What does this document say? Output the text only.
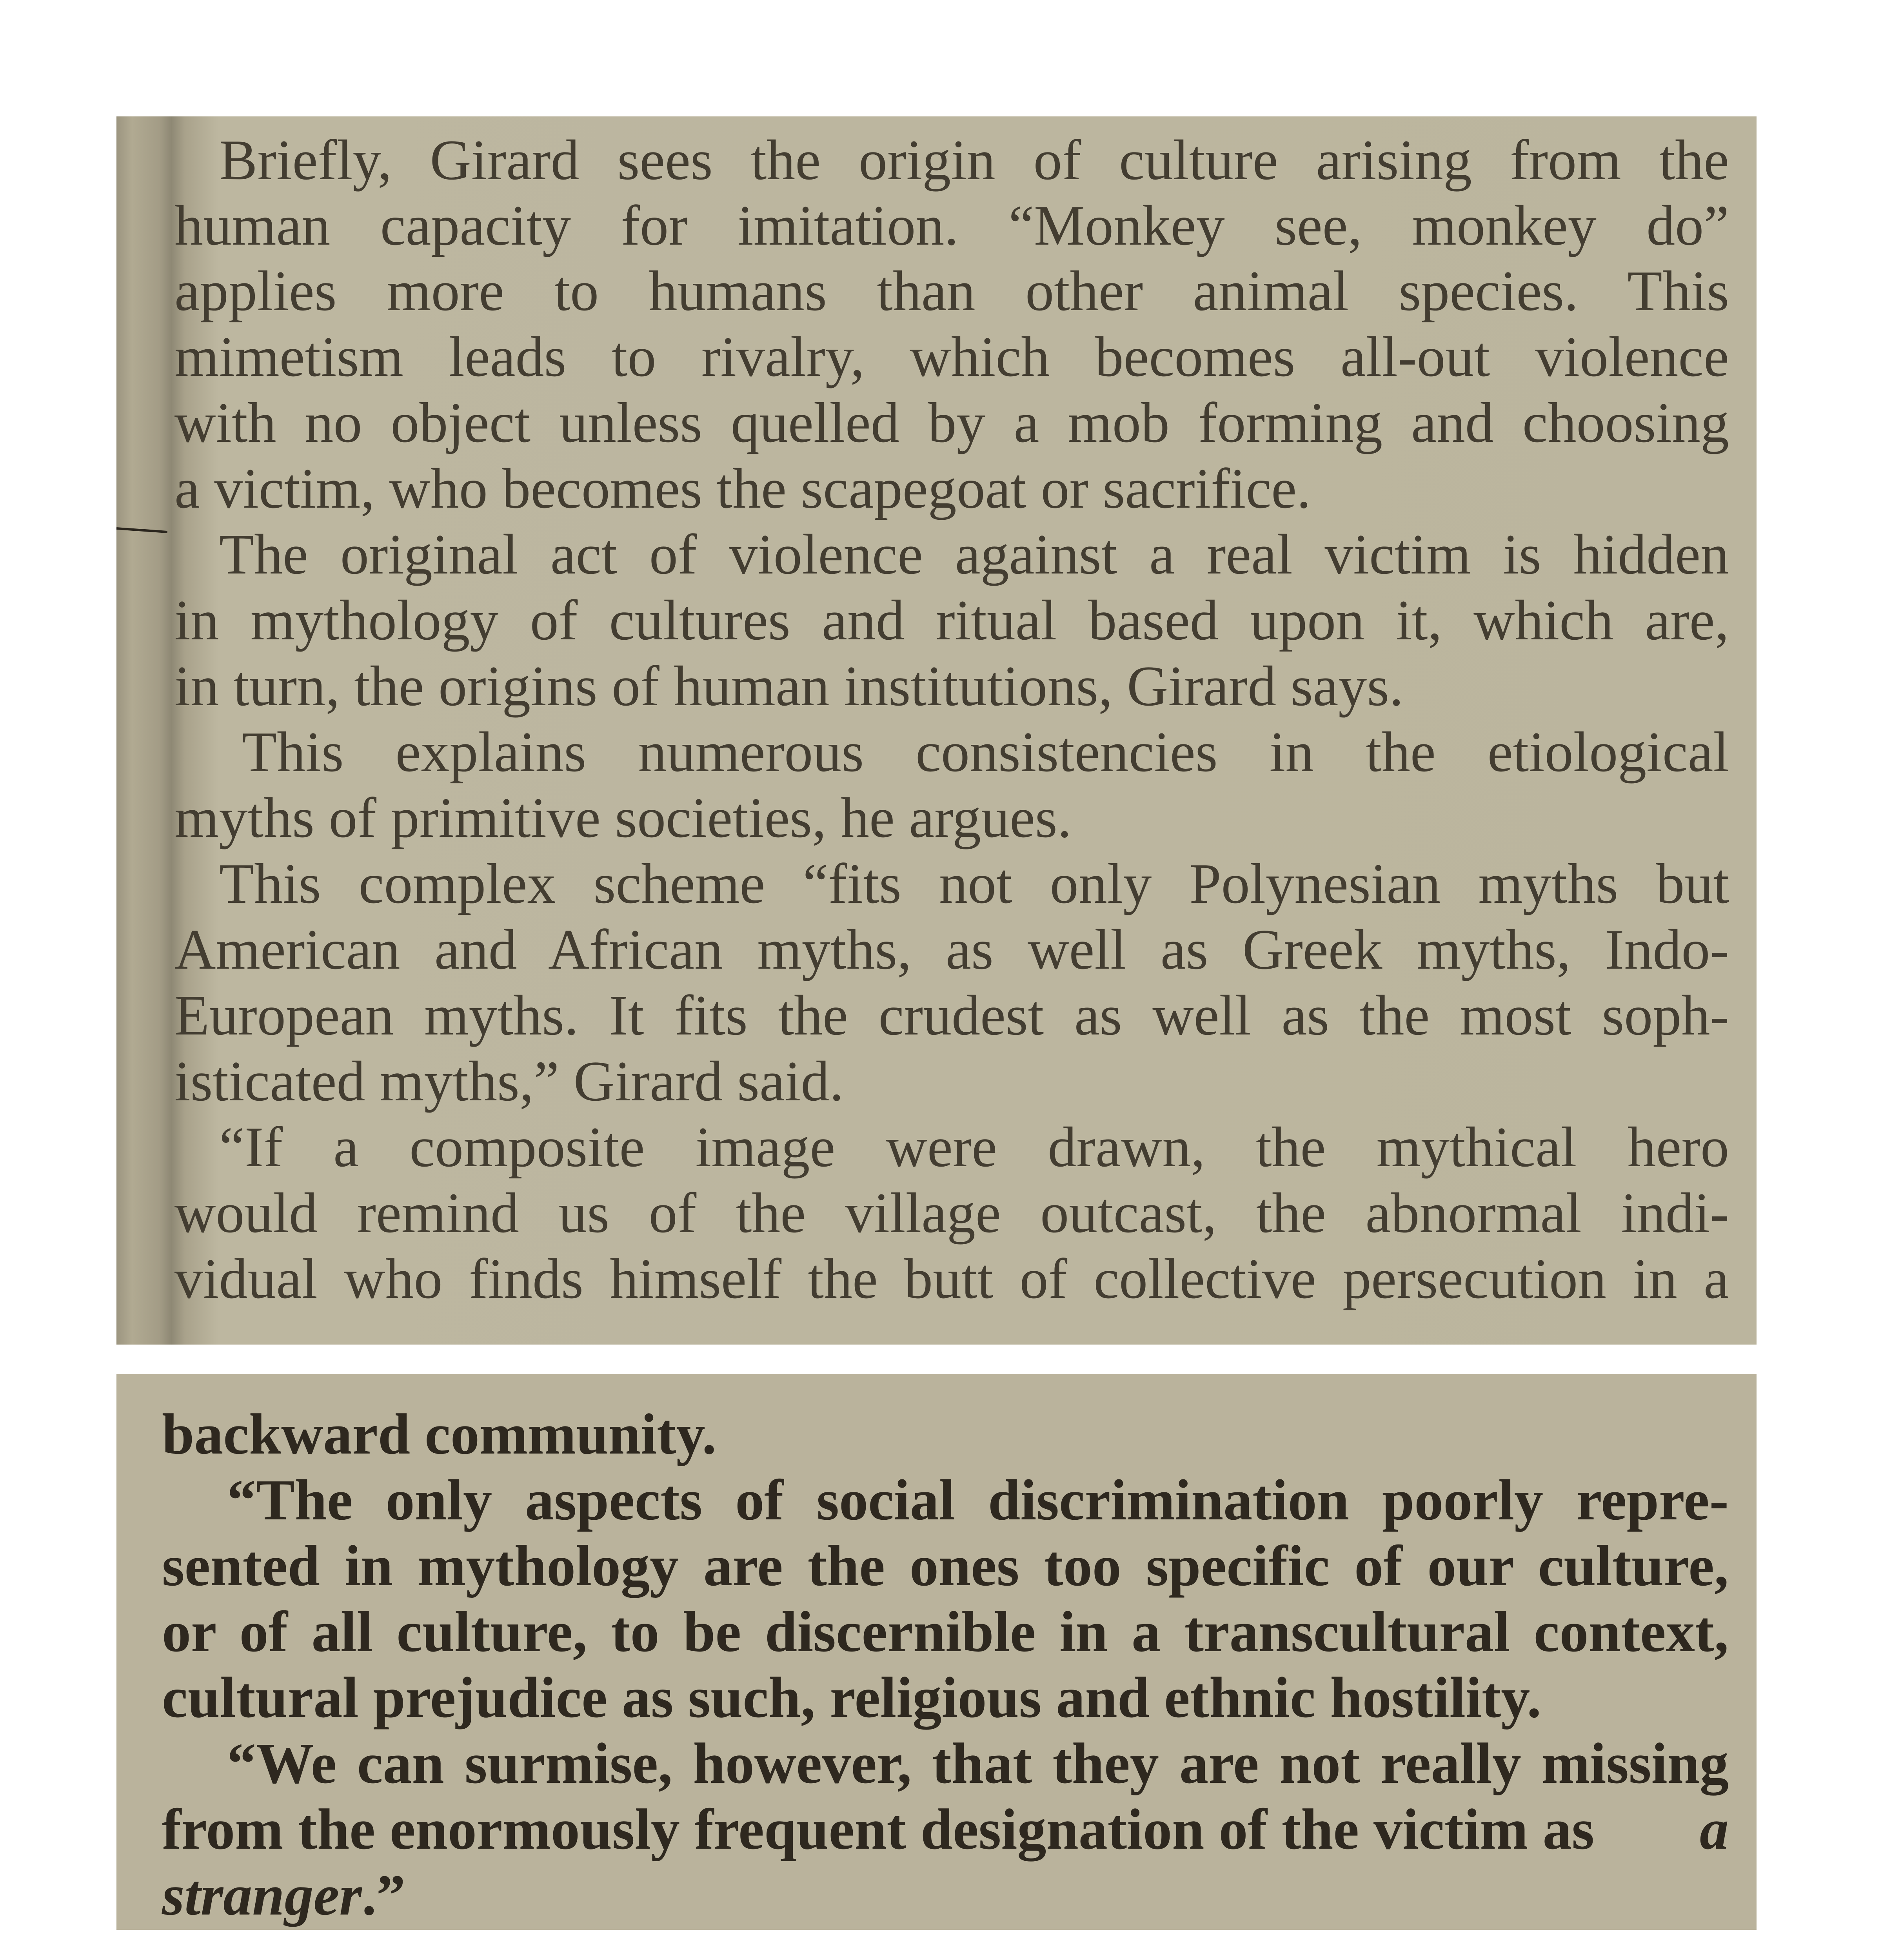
Briefly, Girard sees the origin of culture arising from the
human capacity for imitation. “Monkey see, monkey do”
applies more to humans than other animal species. This
mimetism leads to rivalry, which becomes all-out violence
with no object unless quelled by a mob forming and choosing
a victim, who becomes the scapegoat or sacrifice.
The original act of violence against a real victim is hidden
in mythology of cultures and ritual based upon it, which are,
in turn, the origins of human institutions, Girard says.
This explains numerous consistencies in the etiological
myths of primitive societies, he argues.
This complex scheme “fits not only Polynesian myths but
American and African myths, as well as Greek myths, Indo-
European myths. It fits the crudest as well as the most soph-
isticated myths,” Girard said.
“If a composite image were drawn, the mythical hero
would remind us of the village outcast, the abnormal indi-
vidual who finds himself the butt of collective persecution in a
backward community.
“The only aspects of social discrimination poorly repre-
sented in mythology are the ones too specific of our culture,
or of all culture, to be discernible in a transcultural context,
cultural prejudice as such, religious and ethnic hostility.
“We can surmise, however, that they are not really missing
from the enormously frequent designation of the victim as a
stranger.”
